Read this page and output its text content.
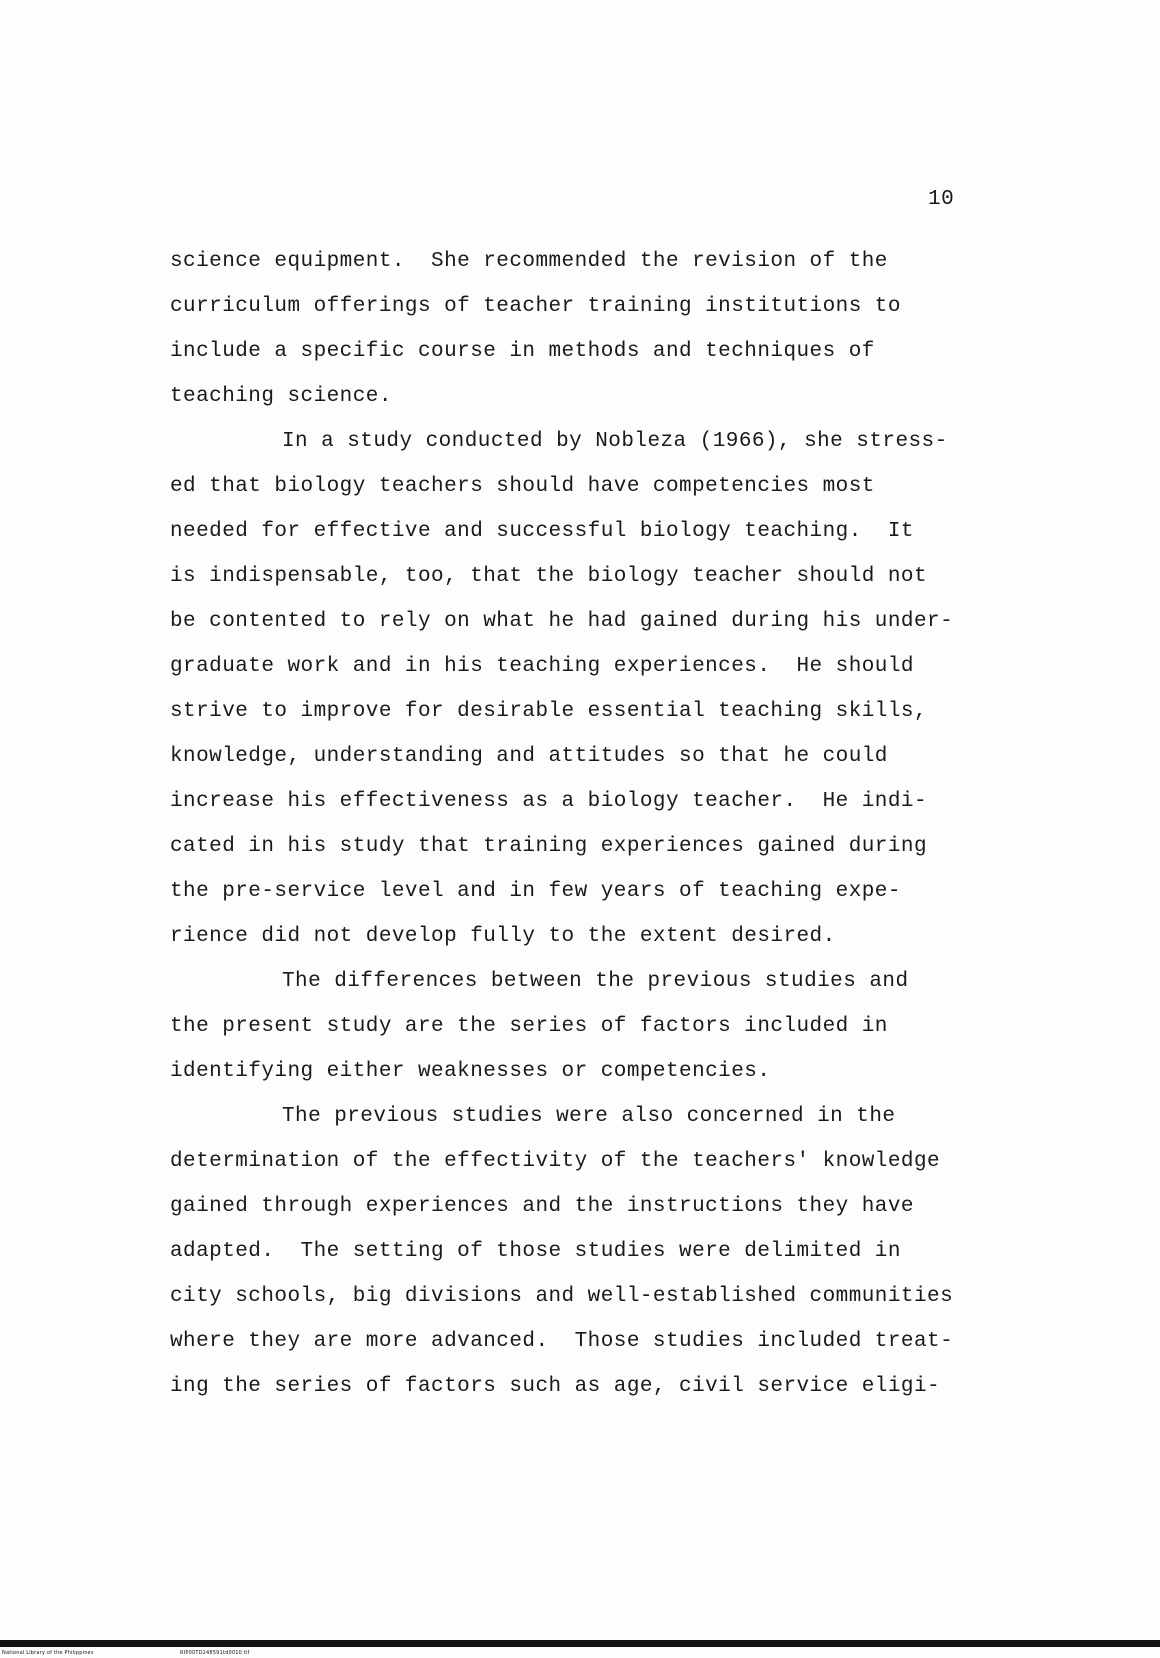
10
science equipment.  She recommended the revision of the
curriculum offerings of teacher training institutions to
include a specific course in methods and techniques of
teaching science.
In a study conducted by Nobleza (1966), she stress-
ed that biology teachers should have competencies most
needed for effective and successful biology teaching.  It
is indispensable, too, that the biology teacher should not
be contented to rely on what he had gained during his under-
graduate work and in his teaching experiences.  He should
strive to improve for desirable essential teaching skills,
knowledge, understanding and attitudes so that he could
increase his effectiveness as a biology teacher.  He indi-
cated in his study that training experiences gained during
the pre-service level and in few years of teaching expe-
rience did not develop fully to the extent desired.
The differences between the previous studies and
the present study are the series of factors included in
identifying either weaknesses or competencies.
The previous studies were also concerned in the
determination of the effectivity of the teachers' knowledge
gained through experiences and the instructions they have
adapted.  The setting of those studies were delimited in
city schools, big divisions and well-established communities
where they are more advanced.  Those studies included treat-
ing the series of factors such as age, civil service eligi-
National Library of the Philippines	RIP00TD248591td0010.tif
